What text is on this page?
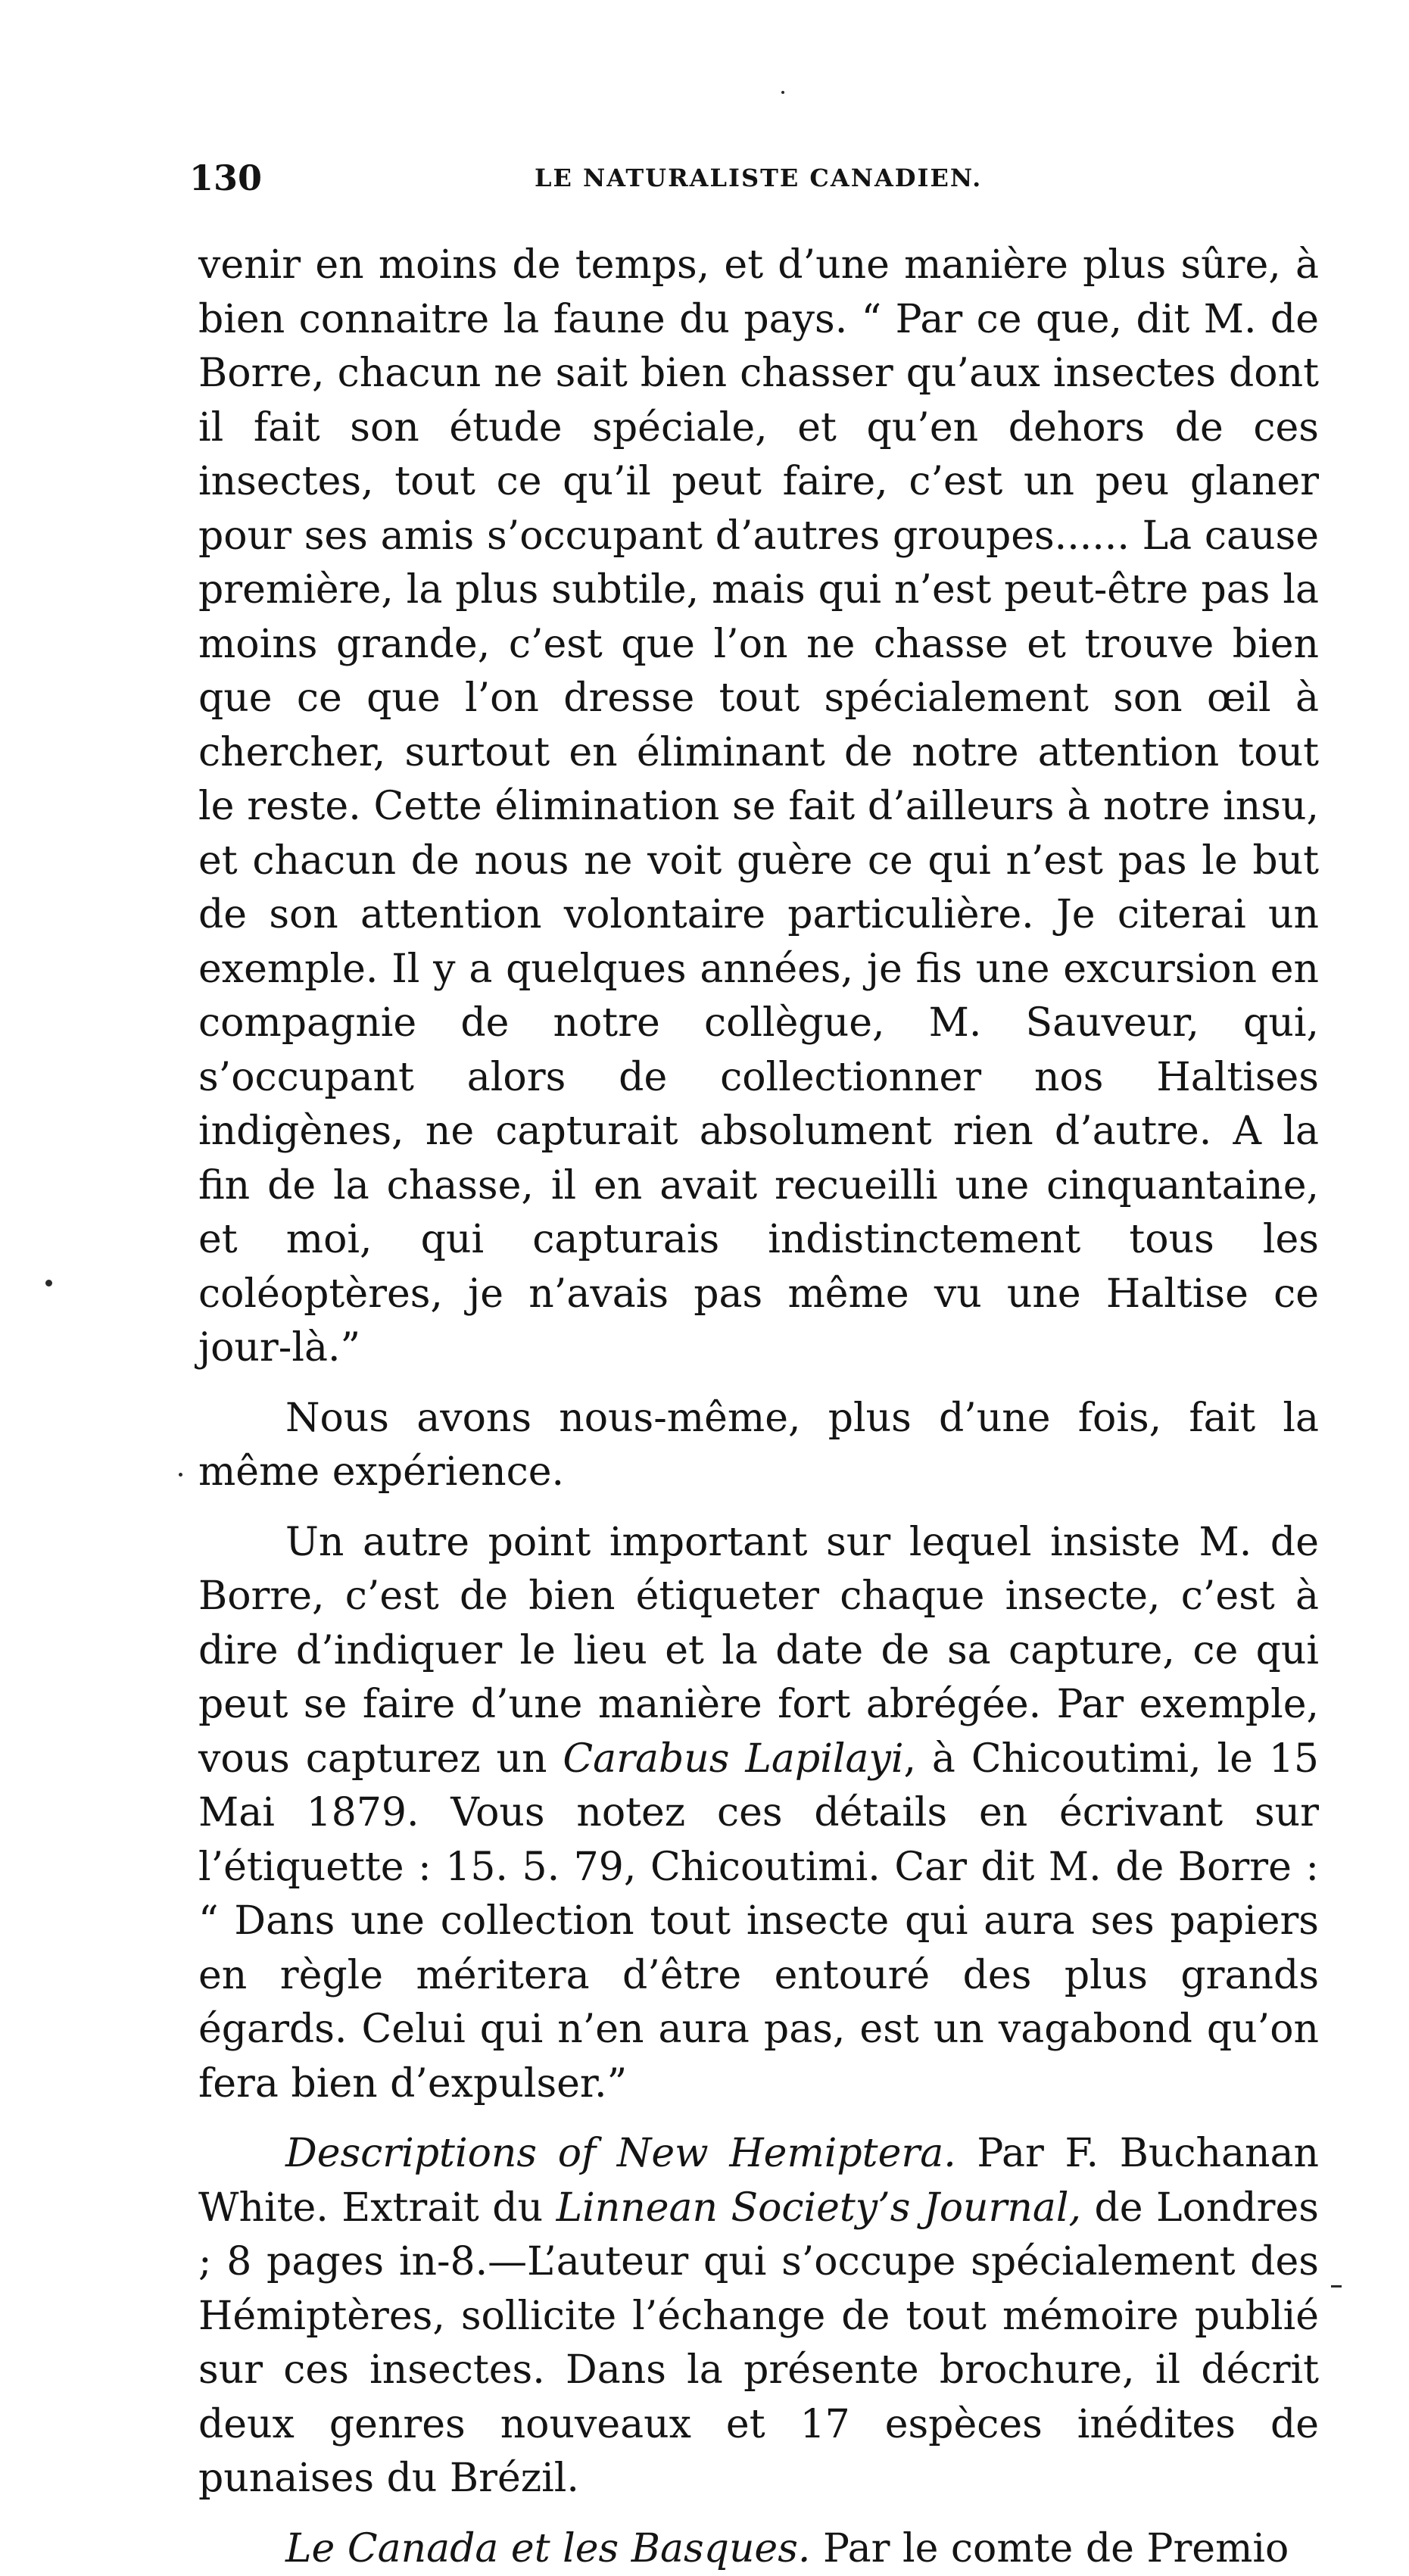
130	LE NATURALISTE CANADIEN.

venir en moins de temps, et d’une manière plus sûre, à bien connaitre la faune du pays. “ Par ce que, dit M. de Borre, chacun ne sait bien chasser qu’aux insectes dont il fait son étude spéciale, et qu’en dehors de ces insectes, tout ce qu’il peut faire, c’est un peu glaner pour ses amis s’occupant d’autres groupes...... La cause première, la plus subtile, mais qui n’est peut-être pas la moins grande, c’est que l’on ne chasse et trouve bien que ce que l’on dresse tout spécialement son œil à chercher, surtout en éliminant de notre attention tout le reste. Cette élimination se fait d’ailleurs à notre insu, et chacun de nous ne voit guère ce qui n’est pas le but de son attention volontaire particulière. Je citerai un exemple. Il y a quelques années, je fis une excursion en compagnie de notre collègue, M. Sauveur, qui, s’occupant alors de collectionner nos Haltises indigènes, ne capturait absolument rien d’autre. A la fin de la chasse, il en avait recueilli une cinquantaine, et moi, qui capturais indistinctement tous les coléoptères, je n’avais pas même vu une Haltise ce jour-là.”

Nous avons nous-même, plus d’une fois, fait la même expérience.

Un autre point important sur lequel insiste M. de Borre, c’est de bien étiqueter chaque insecte, c’est à dire d’indiquer le lieu et la date de sa capture, ce qui peut se faire d’une manière fort abrégée. Par exemple, vous capturez un Carabus Lapilayi, à Chicoutimi, le 15 Mai 1879. Vous notez ces détails en écrivant sur l’étiquette : 15. 5. 79, Chicoutimi. Car dit M. de Borre : “ Dans une collection tout insecte qui aura ses papiers en règle méritera d’être entouré des plus grands égards. Celui qui n’en aura pas, est un vagabond qu’on fera bien d’expulser.”

Descriptions of New Hemiptera. Par F. Buchanan White. Extrait du Linnean Society’s Journal, de Londres ; 8 pages in-8.—L’auteur qui s’occupe spécialement des Hémiptères, sollicite l’échange de tout mémoire publié sur ces insectes. Dans la présente brochure, il décrit deux genres nouveaux et 17 espèces inédites de punaises du Brézil.

Le Canada et les Basques. Par le comte de Premio
